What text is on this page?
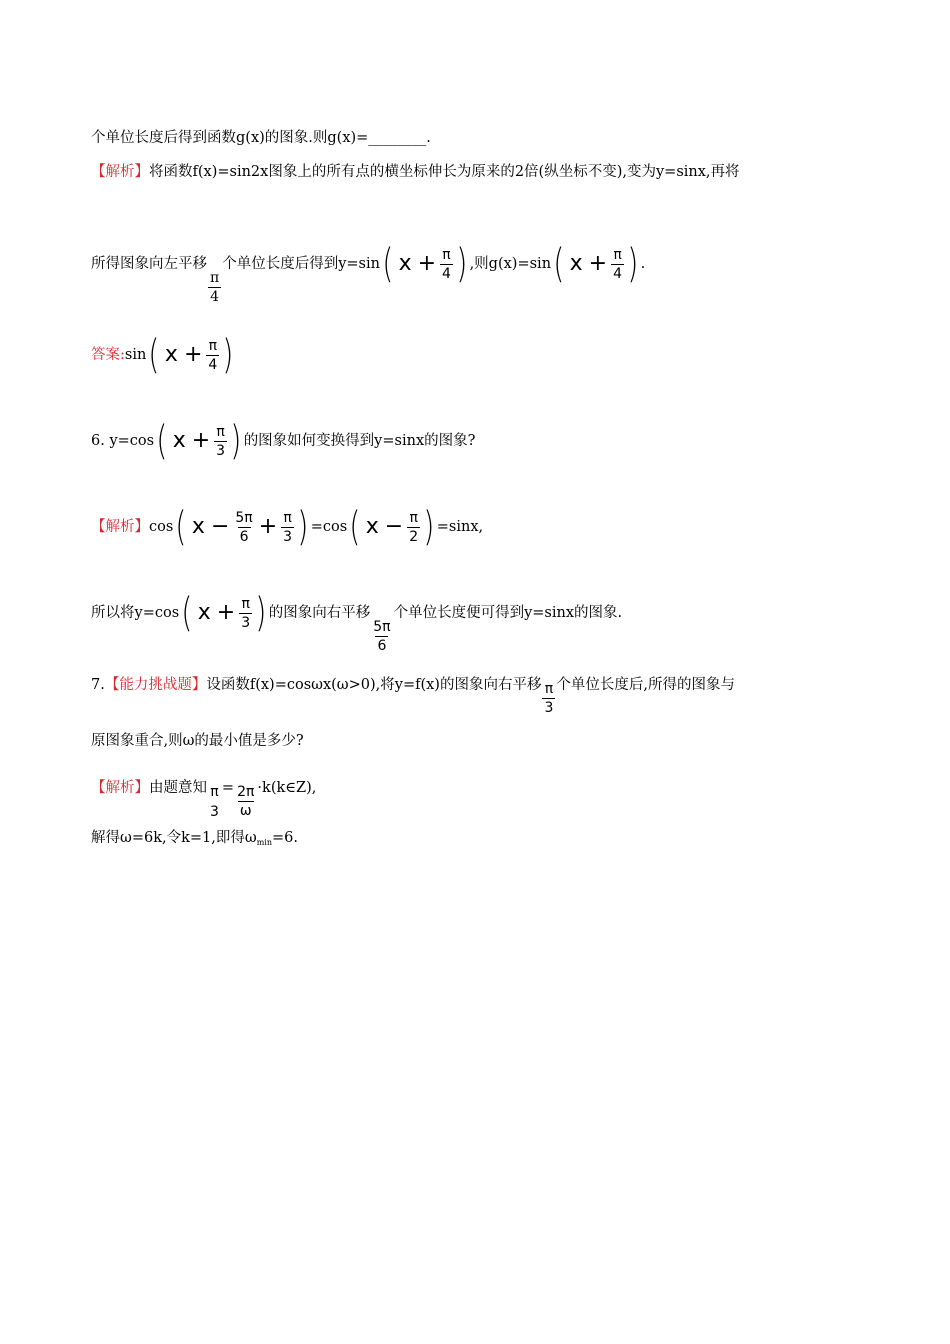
个单位长度后得到函数g(x)的图象.则g(x)=________.
【解析】将函数f(x)=sin2x图象上的所有点的横坐标伸长为原来的2倍(纵坐标不变),变为y=sinx,再将
所得图象向左平移
$\frac{\pi}{4}$
个单位长度后得到y=sin ( $x + \frac{\pi}{4}$ ) ,则g(x)=sin ( $x + \frac{\pi}{4}$ ) .
答案:sin ( $x + \frac{\pi}{4}$ )
6. y=cos ( $x + \frac{\pi}{3}$ ) 的图象如何变换得到y=sinx的图象?
【解析】cos ( $x - \frac{5\pi}{6} + \frac{\pi}{3}$ ) =cos ( $x - \frac{\pi}{2}$ ) =sinx,
所以将y=cos ( $x + \frac{\pi}{3}$ ) 的图象向右平移
$\frac{5\pi}{6}$
个单位长度便可得到y=sinx的图象.
7.【能力挑战题】设函数f(x)=cosωx(ω>0),将y=f(x)的图象向右平移 $\frac{\pi}{3}$ 个单位长度后,所得的图象与
原图象重合,则ω的最小值是多少?
【解析】由题意知 π
3
= $\frac{2\pi}{\omega}$ ·k(k∈Z),
解得ω=6k,令k=1,即得$\omega_{min}=6$.
